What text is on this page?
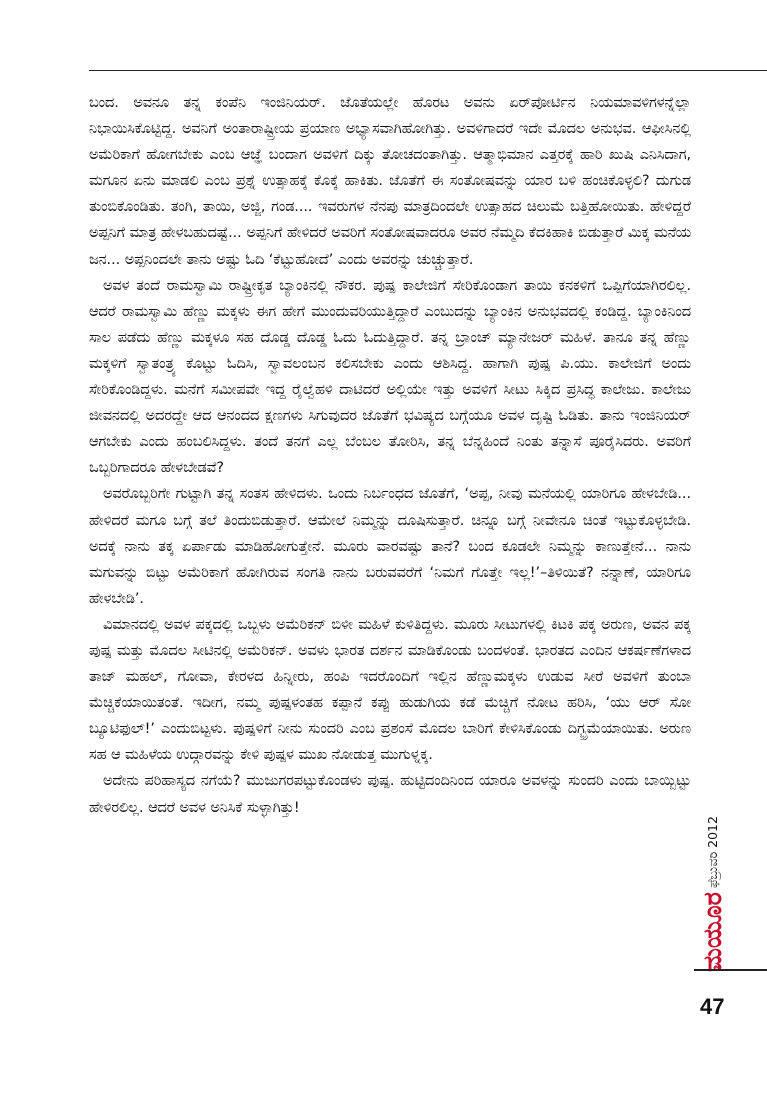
ಬಂದ. ಅವನೂ ತನ್ನ ಕಂಪೆನಿ ಇಂಜಿನಿಯರ್. ಜೊತೆಯಲ್ಲೇ ಹೊರಟ ಅವನು ಏರ್‌ಪೋರ್ಟಿನ ನಿಯಮಾವಳಿಗಳನ್ನೆಲ್ಲಾ ನಿಭಾಯಿಸಿಕೊಟ್ಟಿದ್ದ. ಅವನಿಗೆ ಅಂತಾರಾಷ್ಟ್ರೀಯ ಪ್ರಯಾಣ ಅಭ್ಯಾಸವಾಗಿಹೋಗಿತ್ತು. ಅವಳಿಗಾದರೆ ಇದೇ ಮೊದಲ ಅನುಭವ. ಆಫೀಸಿನಲ್ಲಿ ಅಮೆರಿಕಾಗೆ ಹೋಗಬೇಕು ಎಂಬ ಆಜ್ಞೆ ಬಂದಾಗ ಅವಳಿಗೆ ದಿಕ್ಕು ತೋಚದಂತಾಗಿತ್ತು. ಆತ್ಮಾಭಿಮಾನ ಎತ್ತರಕ್ಕೆ ಹಾರಿ ಖುಷಿ ಎನಿಸಿದಾಗ, ಮಗೂನ ಏನು ಮಾಡಲಿ ಎಂಬ ಪ್ರಶ್ನೆ ಉತ್ಸಾಹಕ್ಕೆ ಕೊಕ್ಕೆ ಹಾಕಿತು. ಜೊತೆಗೆ ಈ ಸಂತೋಷವನ್ನು ಯಾರ ಬಳಿ ಹಂಚಿಕೊಳ್ಳಲಿ? ದುಗುಡ ತುಂಬಿಕೊಂಡಿತು. ತಂಗಿ, ತಾಯಿ, ಅಜ್ಜಿ, ಗಂಡ.... ಇವರುಗಳ ನೆನಪು ಮಾತ್ರದಿಂದಲೇ ಉತ್ಸಾಹದ ಚಿಲುಮೆ ಬತ್ತಿಹೋಯಿತು. ಹೇಳಿದ್ದರೆ ಅಪ್ಪನಿಗೆ ಮಾತ್ರ ಹೇಳಬಹುದಷ್ಟೆ... ಅಪ್ಪನಿಗೆ ಹೇಳಿದರೆ ಅವರಿಗೆ ಸಂತೋಷವಾದರೂ ಅವರ ನೆಮ್ಮದಿ ಕೆದಕಿಹಾಕಿ ಬಿಡುತ್ತಾರೆ ಮಿಕ್ಕ ಮನೆಯ ಜನ... ಅಪ್ಪನಿಂದಲೇ ತಾನು ಅಷ್ಟು ಓದಿ ‘ಕೆಟ್ಟುಹೋದೆ’ ಎಂದು ಅವರನ್ನು ಚುಚ್ಚುತ್ತಾರೆ.

ಅವಳ ತಂದೆ ರಾಮಸ್ವಾಮಿ ರಾಷ್ಟ್ರೀಕೃತ ಬ್ಯಾಂಕಿನಲ್ಲಿ ನೌಕರ. ಪುಷ್ಪ ಕಾಲೇಜಿಗೆ ಸೇರಿಕೊಂಡಾಗ ತಾಯಿ ಕನಕಳಿಗೆ ಒಪ್ಪಿಗೆಯಾಗಿರಲಿಲ್ಲ. ಆದರೆ ರಾಮಸ್ವಾಮಿ ಹೆಣ್ಣು ಮಕ್ಕಳು ಈಗ ಹೇಗೆ ಮುಂದುವರಿಯುತ್ತಿದ್ದಾರೆ ಎಂಬುದನ್ನು ಬ್ಯಾಂಕಿನ ಅನುಭವದಲ್ಲಿ ಕಂಡಿದ್ದ. ಬ್ಯಾಂಕಿನಿಂದ ಸಾಲ ಪಡೆದು ಹೆಣ್ಣು ಮಕ್ಕಳೂ ಸಹ ದೊಡ್ಡ ದೊಡ್ಡ ಓದು ಓದುತ್ತಿದ್ದಾರೆ. ತನ್ನ ಬ್ರಾಂಚ್ ಮ್ಯಾನೇಜರ್ ಮಹಿಳೆ. ತಾನೂ ತನ್ನ ಹೆಣ್ಣು ಮಕ್ಕಳಿಗೆ ಸ್ವಾತಂತ್ರ್ಯ ಕೊಟ್ಟು ಓದಿಸಿ, ಸ್ವಾವಲಂಬನ ಕಲಿಸಬೇಕು ಎಂದು ಆಶಿಸಿದ್ದ. ಹಾಗಾಗಿ ಪುಷ್ಪ ಪಿ.ಯು. ಕಾಲೇಜಿಗೆ ಅಂದು ಸೇರಿಕೊಂಡಿದ್ದಳು. ಮನೆಗೆ ಸಮೀಪವೇ ಇದ್ದ ರೈಲ್ವೆಹಳಿ ದಾಟಿದರೆ ಅಲ್ಲಿಯೇ ಇತ್ತು ಅವಳಿಗೆ ಸೀಟು ಸಿಕ್ಕಿದ ಪ್ರಸಿದ್ಧ ಕಾಲೇಜು. ಕಾಲೇಜು ಜೀವನದಲ್ಲಿ ಅದರದ್ದೇ ಆದ ಆನಂದದ ಕ್ಷಣಗಳು ಸಿಗುವುದರ ಜೊತೆಗೆ ಭವಿಷ್ಯದ ಬಗ್ಗೆಯೂ ಅವಳ ದೃಷ್ಟಿ ಓಡಿತು. ತಾನು ಇಂಜಿನಿಯರ್ ಆಗಬೇಕು ಎಂದು ಹಂಬಲಿಸಿದ್ದಳು. ತಂದೆ ತನಗೆ ಎಲ್ಲ ಬೆಂಬಲ ತೋರಿಸಿ, ತನ್ನ ಬೆನ್ನಹಿಂದೆ ನಿಂತು ತನ್ನಾಸೆ ಪೂರೈಸಿದರು. ಅವರಿಗೆ ಒಬ್ಬರಿಗಾದರೂ ಹೇಳಬೇಡವೆ?

ಅವರೊಬ್ಬರಿಗೇ ಗುಟ್ಟಾಗಿ ತನ್ನ ಸಂತಸ ಹೇಳಿದಳು. ಒಂದು ನಿರ್ಬಂಧದ ಜೊತೆಗೆ, ‘ಅಪ್ಪ, ನೀವು ಮನೆಯಲ್ಲಿ ಯಾರಿಗೂ ಹೇಳಬೇಡಿ... ಹೇಳಿದರೆ ಮಗೂ ಬಗ್ಗೆ ತಲೆ ತಿಂದುಬಿಡುತ್ತಾರೆ. ಆಮೇಲೆ ನಿಮ್ಮನ್ನು ದೂಷಿಸುತ್ತಾರೆ. ಚಿನ್ನೂ ಬಗ್ಗೆ ನೀವೇನೂ ಚಿಂತೆ ಇಟ್ಟುಕೊಳ್ಳಬೇಡಿ. ಅದಕ್ಕೆ ನಾನು ತಕ್ಕ ಏರ್ಪಾಡು ಮಾಡಿಹೋಗುತ್ತೇನೆ. ಮೂರು ವಾರವಷ್ಟು ತಾನೆ? ಬಂದ ಕೂಡಲೇ ನಿಮ್ಮನ್ನು ಕಾಣುತ್ತೇನೆ... ನಾನು ಮಗುವನ್ನು ಬಿಟ್ಟು ಅಮೆರಿಕಾಗೆ ಹೋಗಿರುವ ಸಂಗತಿ ನಾನು ಬರುವವರೆಗೆ ‘ನಿಮಗೆ ಗೊತ್ತೇ ಇಲ್ಲ!’–ತಿಳಿಯಿತೆ? ನನ್ನಾಣೆ, ಯಾರಿಗೂ ಹೇಳಬೇಡಿ’.

ವಿಮಾನದಲ್ಲಿ ಅವಳ ಪಕ್ಕದಲ್ಲಿ ಒಬ್ಬಳು ಅಮೆರಿಕನ್ ಬಿಳೀ ಮಹಿಳೆ ಕುಳಿತಿದ್ದಳು. ಮೂರು ಸೀಟುಗಳಲ್ಲಿ ಕಿಟಕಿ ಪಕ್ಕ ಅರುಣ, ಅವನ ಪಕ್ಕ ಪುಷ್ಪ ಮತ್ತು ಮೊದಲ ಸೀಟಿನಲ್ಲಿ ಅಮೆರಿಕನ್. ಅವಳು ಭಾರತ ದರ್ಶನ ಮಾಡಿಕೊಂಡು ಬಂದಳಂತೆ. ಭಾರತದ ಎಂದಿನ ಆಕರ್ಷಣೆಗಳಾದ ತಾಜ್ ಮಹಲ್, ಗೋವಾ, ಕೇರಳದ ಹಿನ್ನೀರು, ಹಂಪಿ ಇದರೊಂದಿಗೆ ಇಲ್ಲಿನ ಹೆಣ್ಣುಮಕ್ಕಳು ಉಡುವ ಸೀರೆ ಅವಳಿಗೆ ತುಂಬಾ ಮೆಚ್ಚಿಕೆಯಾಯಿತಂತೆ. ಇದೀಗ, ನಮ್ಮ ಪುಷ್ಪಳಂತಹ ಕಪ್ಪಾನೆ ಕಪ್ಪು ಹುಡುಗಿಯ ಕಡೆ ಮೆಚ್ಚಿಗೆ ನೋಟ ಹರಿಸಿ, ‘ಯು ಆರ್ ಸೋ ಬ್ಯೂಟಿಫುಲ್!’ ಎಂದುಬಿಟ್ಟಳು. ಪುಷ್ಪಳಿಗೆ ನೀನು ಸುಂದರಿ ಎಂಬ ಪ್ರಶಂಸೆ ಮೊದಲ ಬಾರಿಗೆ ಕೇಳಿಸಿಕೊಂಡು ದಿಗ್ಭ್ರಮೆಯಾಯಿತು. ಅರುಣ ಸಹ ಆ ಮಹಿಳೆಯ ಉದ್ಗಾರವನ್ನು ಕೇಳಿ ಪುಷ್ಪಳ ಮುಖ ನೋಡುತ್ತ ಮುಗುಳ್ನಕ್ಕ.

ಅದೇನು ಪರಿಹಾಸ್ಯದ ನಗೆಯೆ? ಮುಜುಗರಪಟ್ಟುಕೊಂಡಳು ಪುಷ್ಪ. ಹುಟ್ಟಿದಂದಿನಿಂದ ಯಾರೂ ಅವಳನ್ನು ಸುಂದರಿ ಎಂದು ಬಾಯ್ಬಿಟ್ಟು ಹೇಳಿರಲಿಲ್ಲ. ಆದರೆ ಅವಳ ಅನಿಸಿಕೆ ಸುಳ್ಳಾಗಿತ್ತು!

ಫೆಬ್ರುವರಿ 2012
ಮಯೂರ
47
